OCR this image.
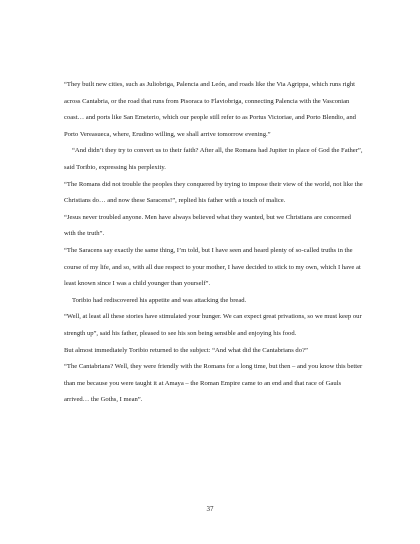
“They built new cities, such as Juliobriga, Palencia and León, and roads like the Via Agrippa, which runs right across Cantabria, or the road that runs from Pisoraca to Flaviobriga, connecting Palencia with the Vasconian coast… and ports like San Emeterio, which our people still refer to as Portus Victoriae, and Porto Blendio, and Porto Vereasueca, where, Erudino willing, we shall arrive tomorrow evening.”

“And didn’t they try to convert us to their faith? After all, the Romans had Jupiter in place of God the Father”, said Toribio, expressing his perplexity.

“The Romans did not trouble the peoples they conquered by trying to impose their view of the world, not like the Christians do… and now these Saracens!”, replied his father with a touch of malice.

“Jesus never troubled anyone. Men have always believed what they wanted, but we Christians are concerned with the truth”.

“The Saracens say exactly the same thing, I’m told, but I have seen and heard plenty of so-called truths in the course of my life, and so, with all due respect to your mother, I have decided to stick to my own, which I have at least known since I was a child younger than yourself”.

Toribio had rediscovered his appetite and was attacking the bread.

“Well, at least all these stories have stimulated your hunger. We can expect great privations, so we must keep our strength up”, said his father, pleased to see his son being sensible and enjoying his food.

But almost immediately Toribio returned to the subject: “And what did the Cantabrians do?”

“The Cantabrians? Well, they were friendly with the Romans for a long time, but then – and you know this better than me because you were taught it at Amaya – the Roman Empire came to an end and that race of Gauls arrived… the Goths, I mean”.

37
